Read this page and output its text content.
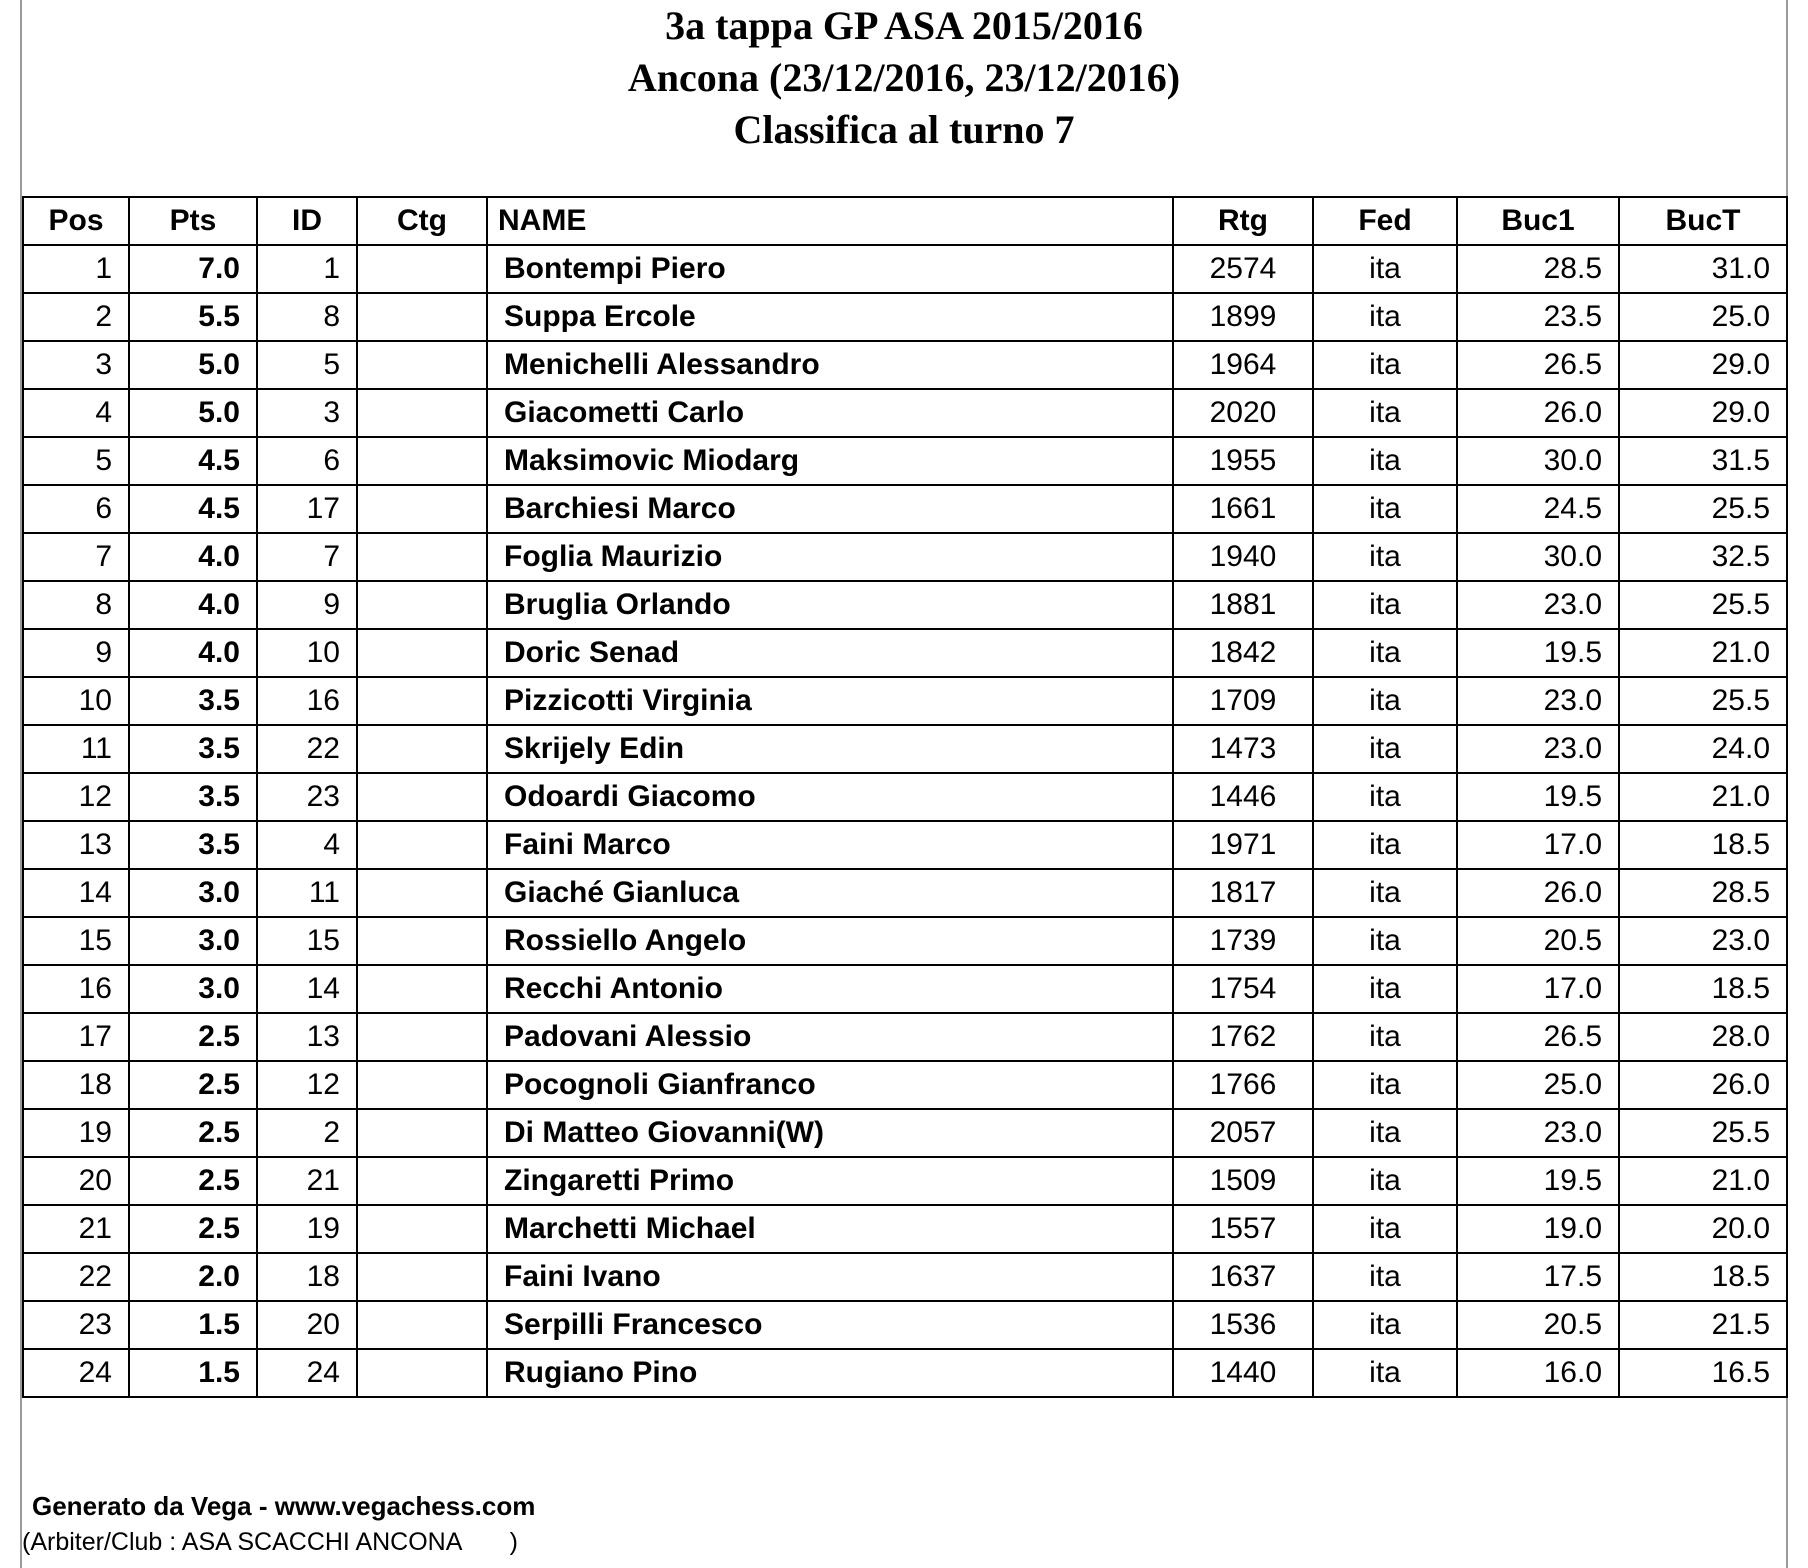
3a tappa GP ASA 2015/2016
Ancona (23/12/2016, 23/12/2016)
Classifica al turno 7
Pos	Pts	ID	Ctg	NAME	Rtg	Fed	Buc1	BucT
1	7.0	1		Bontempi Piero	2574	ita	28.5	31.0
2	5.5	8		Suppa Ercole	1899	ita	23.5	25.0
3	5.0	5		Menichelli Alessandro	1964	ita	26.5	29.0
4	5.0	3		Giacometti Carlo	2020	ita	26.0	29.0
5	4.5	6		Maksimovic Miodarg	1955	ita	30.0	31.5
6	4.5	17		Barchiesi Marco	1661	ita	24.5	25.5
7	4.0	7		Foglia Maurizio	1940	ita	30.0	32.5
8	4.0	9		Bruglia Orlando	1881	ita	23.0	25.5
9	4.0	10		Doric Senad	1842	ita	19.5	21.0
10	3.5	16		Pizzicotti Virginia	1709	ita	23.0	25.5
11	3.5	22		Skrijely Edin	1473	ita	23.0	24.0
12	3.5	23		Odoardi Giacomo	1446	ita	19.5	21.0
13	3.5	4		Faini Marco	1971	ita	17.0	18.5
14	3.0	11		Giaché Gianluca	1817	ita	26.0	28.5
15	3.0	15		Rossiello Angelo	1739	ita	20.5	23.0
16	3.0	14		Recchi Antonio	1754	ita	17.0	18.5
17	2.5	13		Padovani Alessio	1762	ita	26.5	28.0
18	2.5	12		Pocognoli Gianfranco	1766	ita	25.0	26.0
19	2.5	2		Di Matteo Giovanni(W)	2057	ita	23.0	25.5
20	2.5	21		Zingaretti Primo	1509	ita	19.5	21.0
21	2.5	19		Marchetti Michael	1557	ita	19.0	20.0
22	2.0	18		Faini Ivano	1637	ita	17.5	18.5
23	1.5	20		Serpilli Francesco	1536	ita	20.5	21.5
24	1.5	24		Rugiano Pino	1440	ita	16.0	16.5
Generato da Vega - www.vegachess.com
(Arbiter/Club : ASA SCACCHI ANCONA       )
